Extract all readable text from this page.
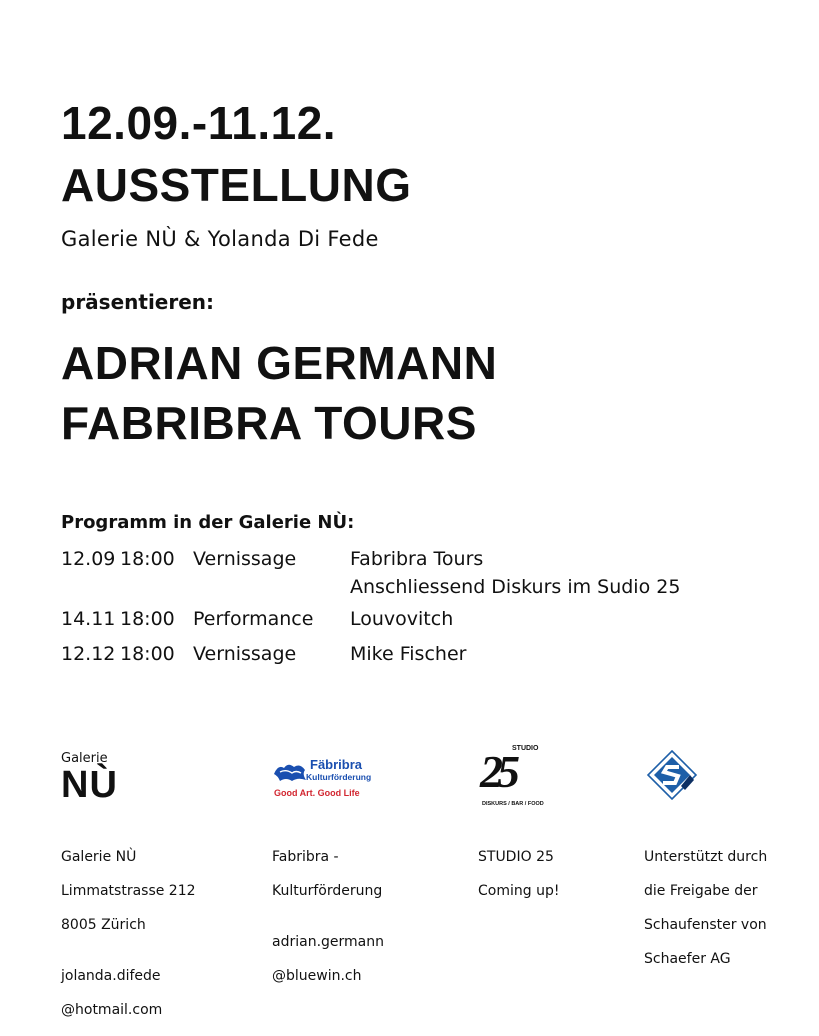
12.09.-11.12.
AUSSTELLUNG
Galerie NÙ & Yolanda Di Fede
präsentieren:
ADRIAN GERMANN
FABRIBRA TOURS
Programm in der Galerie NÙ:
12.09 18:00 Vernissage	Fabribra Tours
Anschliessend Diskurs im Sudio 25
14.11 18:00 Performance Louvovitch
12.12 18:00 Vernissage	Mike Fischer
Galerie
NÙ	Fäbribra
Kulturförderung
Good Art. Good Life
STUDIO
25
DISKURS / BAR / FOOD

Galerie NÙ

Limmatstrasse 212

8005 Zürich

jolanda.difede

@hotmail.com

Fabribra -

Kulturförderung

adrian.germann

@bluewin.ch

STUDIO 25

Coming up!

Unterstützt durch

die Freigabe der

Schaufenster von

Schaefer AG
